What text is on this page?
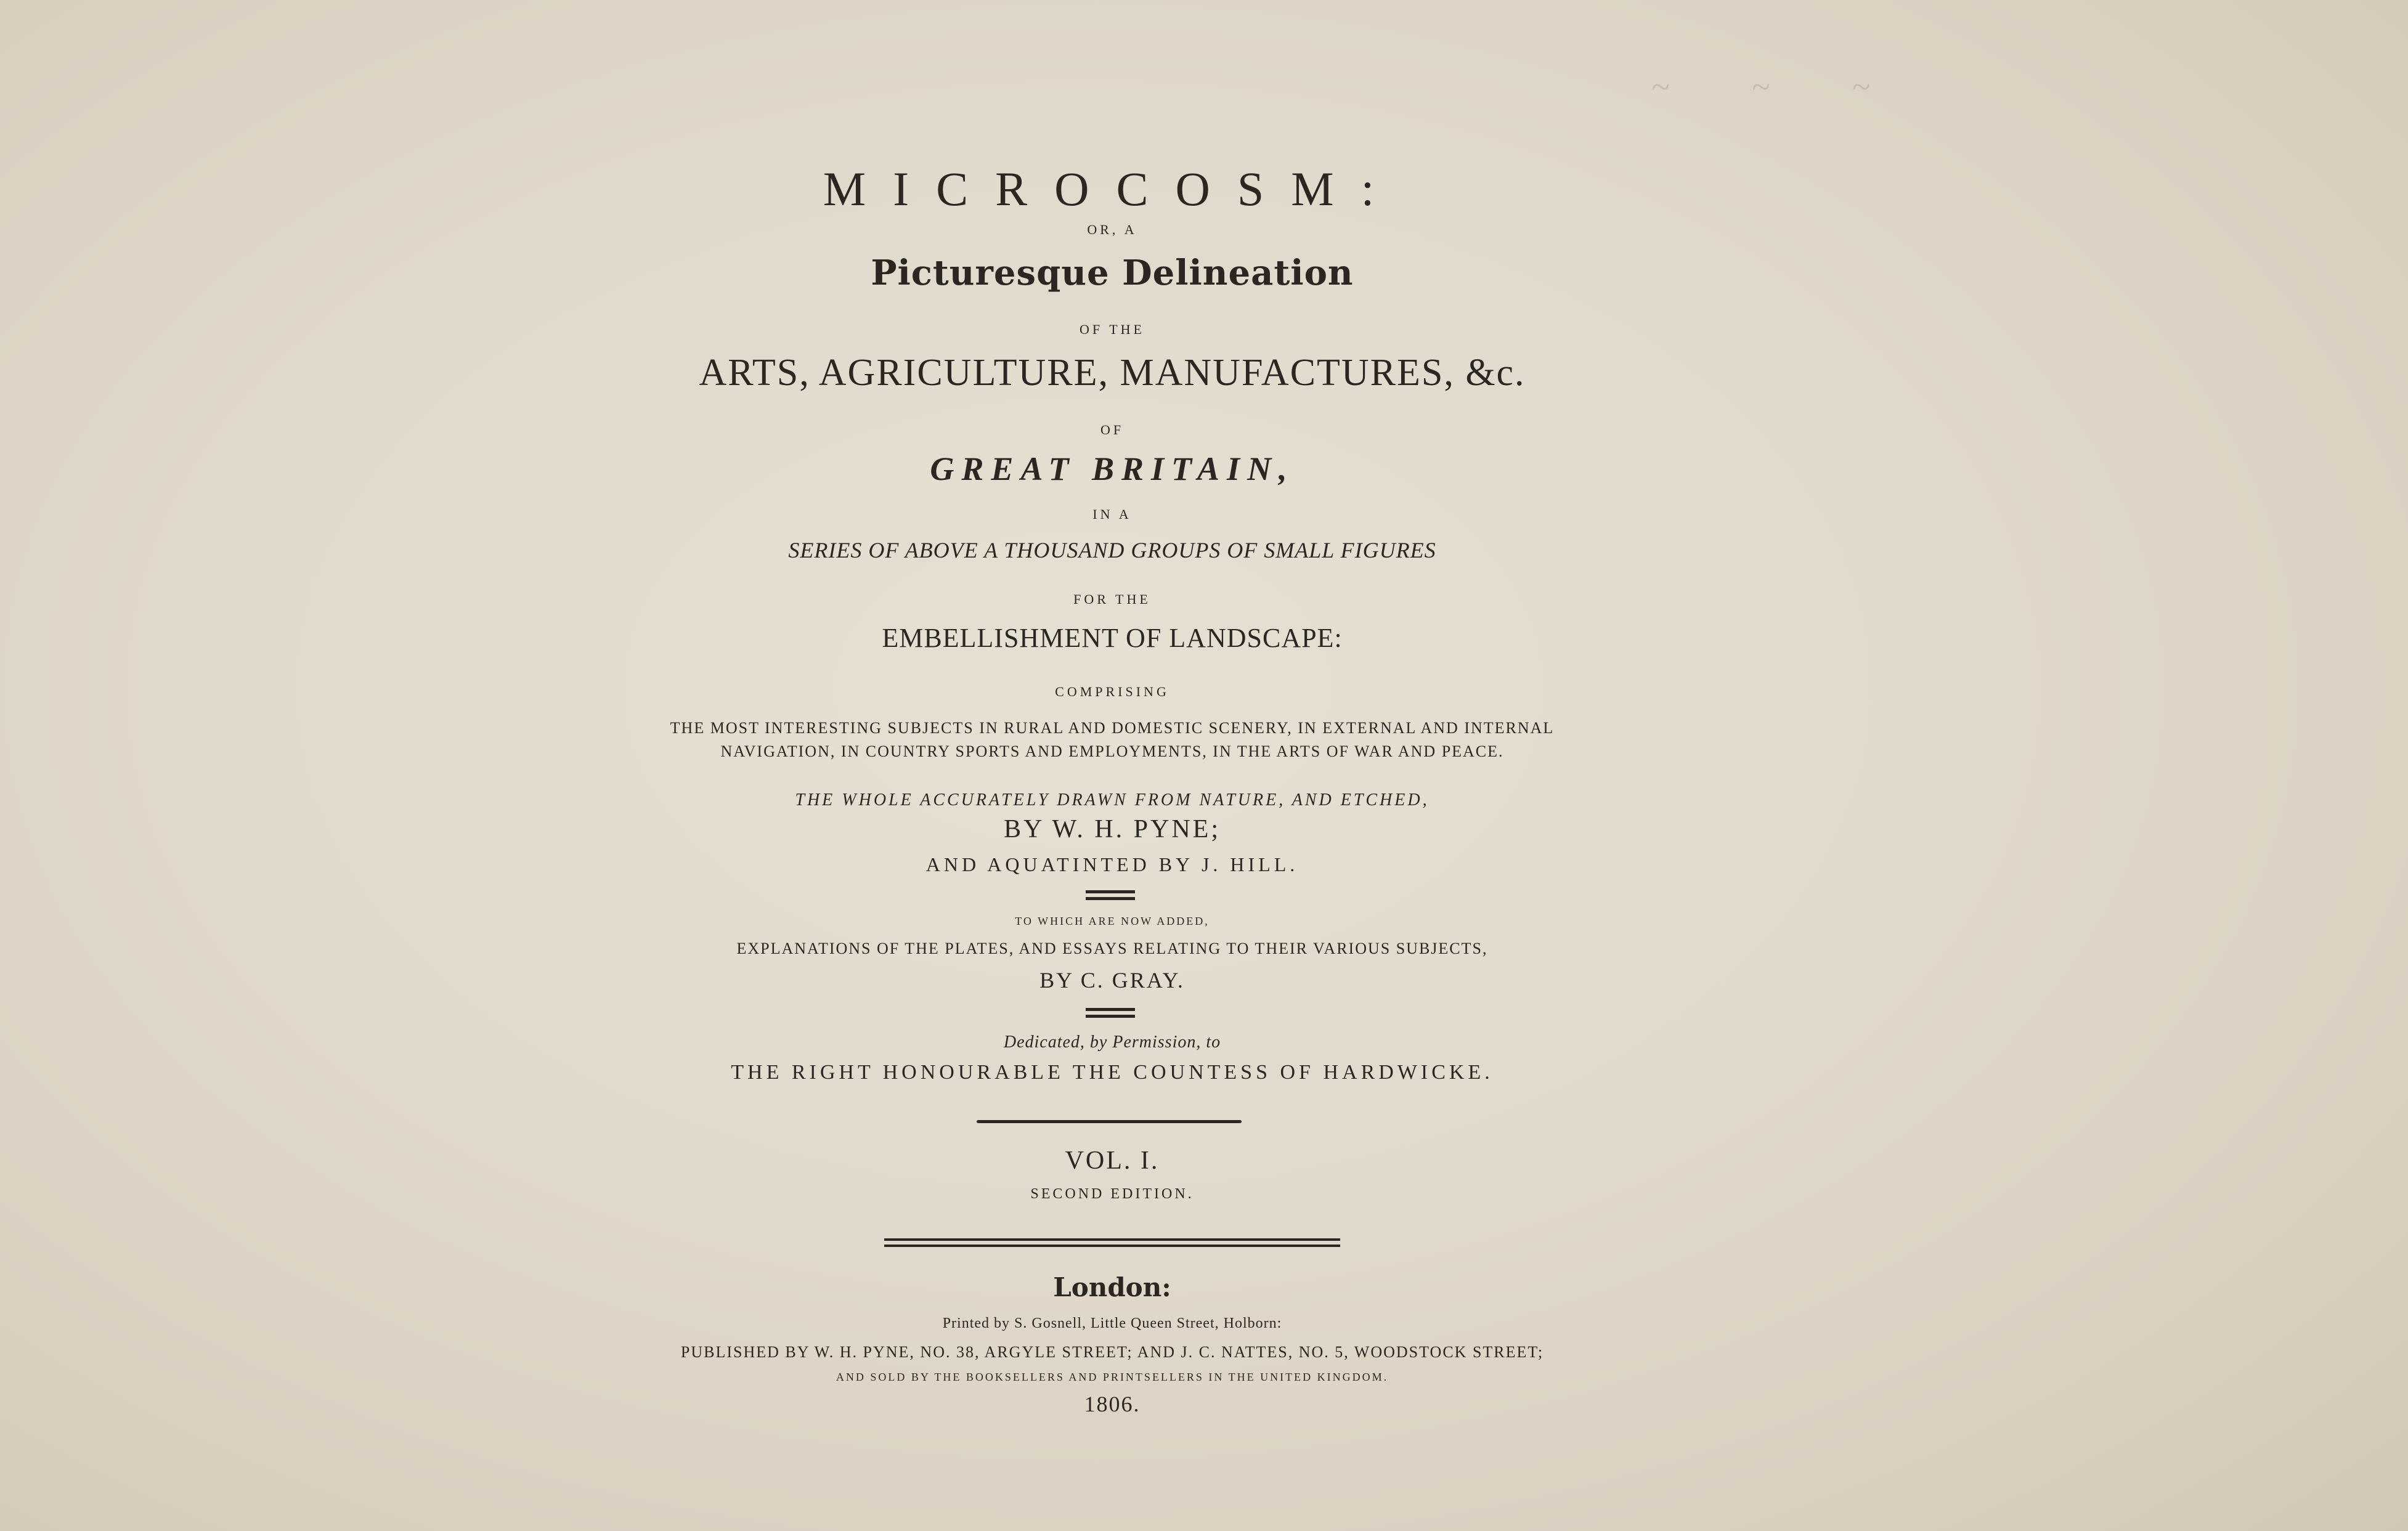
~ ~ ~

MICROCOSM:

OR, A

Picturesque Delineation

OF THE

ARTS, AGRICULTURE, MANUFACTURES, &c.

OF

GREAT BRITAIN,

IN A

SERIES OF ABOVE A THOUSAND GROUPS OF SMALL FIGURES

FOR THE

EMBELLISHMENT OF LANDSCAPE:

COMPRISING

THE MOST INTERESTING SUBJECTS IN RURAL AND DOMESTIC SCENERY, IN EXTERNAL AND INTERNAL

NAVIGATION, IN COUNTRY SPORTS AND EMPLOYMENTS, IN THE ARTS OF WAR AND PEACE.

THE WHOLE ACCURATELY DRAWN FROM NATURE, AND ETCHED,

BY W. H. PYNE;

AND AQUATINTED BY J. HILL.

TO WHICH ARE NOW ADDED,

EXPLANATIONS OF THE PLATES, AND ESSAYS RELATING TO THEIR VARIOUS SUBJECTS,

BY C. GRAY.

Dedicated, by Permission, to

THE RIGHT HONOURABLE THE COUNTESS OF HARDWICKE.

VOL. I.

SECOND EDITION.

London:

Printed by S. Gosnell, Little Queen Street, Holborn:

PUBLISHED BY W. H. PYNE, NO. 38, ARGYLE STREET; AND J. C. NATTES, NO. 5, WOODSTOCK STREET;

AND SOLD BY THE BOOKSELLERS AND PRINTSELLERS IN THE UNITED KINGDOM.

1806.
